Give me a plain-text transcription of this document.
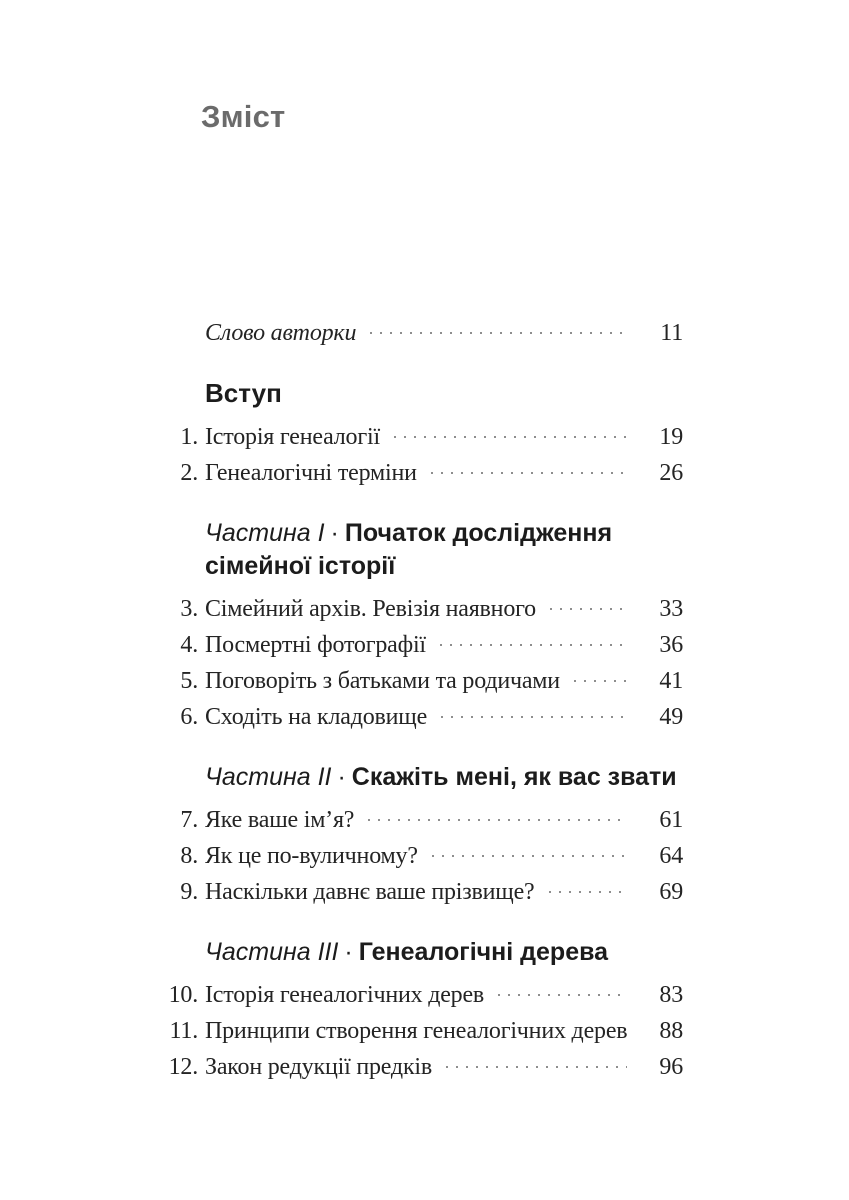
Зміст
Слово авторки	11
Вступ
1. Історія генеалогії	19
2. Генеалогічні терміни	26
Частина I · Початок дослідження сімейної історії
3. Сімейний архів. Ревізія наявного	33
4. Посмертні фотографії	36
5. Поговоріть з батьками та родичами	41
6. Сходіть на кладовище	49
Частина II · Скажіть мені, як вас звати
7. Яке ваше ім’я?	61
8. Як це по-вуличному?	64
9. Наскільки давнє ваше прізвище?	69
Частина III · Генеалогічні дерева
10. Історія генеалогічних дерев	83
11. Принципи створення генеалогічних дерев	88
12. Закон редукції предків	96
